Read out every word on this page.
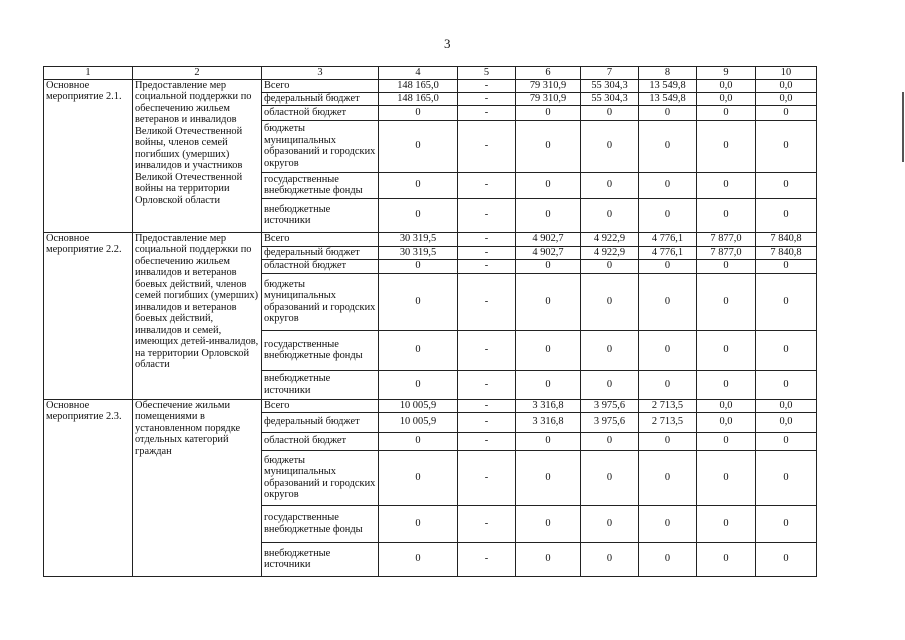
3
1	2	3	4	5	6	7	8	9	10
Основное мероприятие 2.1.	Предоставление мер социальной поддержки по обеспечению жильем ветеранов и инвалидов Великой Отечественной войны, членов семей погибших (умерших) инвалидов и участников Великой Отечественной войны на территории Орловской области	Всего	148 165,0	-	79 310,9	55 304,3	13 549,8	0,0	0,0
		федеральный бюджет	148 165,0	-	79 310,9	55 304,3	13 549,8	0,0	0,0
		областной бюджет	0	-	0	0	0	0	0
		бюджеты муниципальных образований и городских округов	0	-	0	0	0	0	0
		государственные внебюджетные фонды	0	-	0	0	0	0	0
		внебюджетные источники	0	-	0	0	0	0	0
Основное мероприятие 2.2.	Предоставление мер социальной поддержки по обеспечению жильем инвалидов и ветеранов боевых действий, членов семей погибших (умерших) инвалидов и ветеранов боевых действий, инвалидов и семей, имеющих детей-инвалидов, на территории Орловской области	Всего	30 319,5	-	4 902,7	4 922,9	4 776,1	7 877,0	7 840,8
		федеральный бюджет	30 319,5	-	4 902,7	4 922,9	4 776,1	7 877,0	7 840,8
		областной бюджет	0	-	0	0	0	0	0
		бюджеты муниципальных образований и городских округов	0	-	0	0	0	0	0
		государственные внебюджетные фонды	0	-	0	0	0	0	0
		внебюджетные источники	0	-	0	0	0	0	0
Основное мероприятие 2.3.	Обеспечение жильми помещениями в установленном порядке отдельных категорий граждан	Всего	10 005,9	-	3 316,8	3 975,6	2 713,5	0,0	0,0
		федеральный бюджет	10 005,9	-	3 316,8	3 975,6	2 713,5	0,0	0,0
		областной бюджет	0	-	0	0	0	0	0
		бюджеты муниципальных образований и городских округов	0	-	0	0	0	0	0
		государственные внебюджетные фонды	0	-	0	0	0	0	0
		внебюджетные источники	0	-	0	0	0	0	0
